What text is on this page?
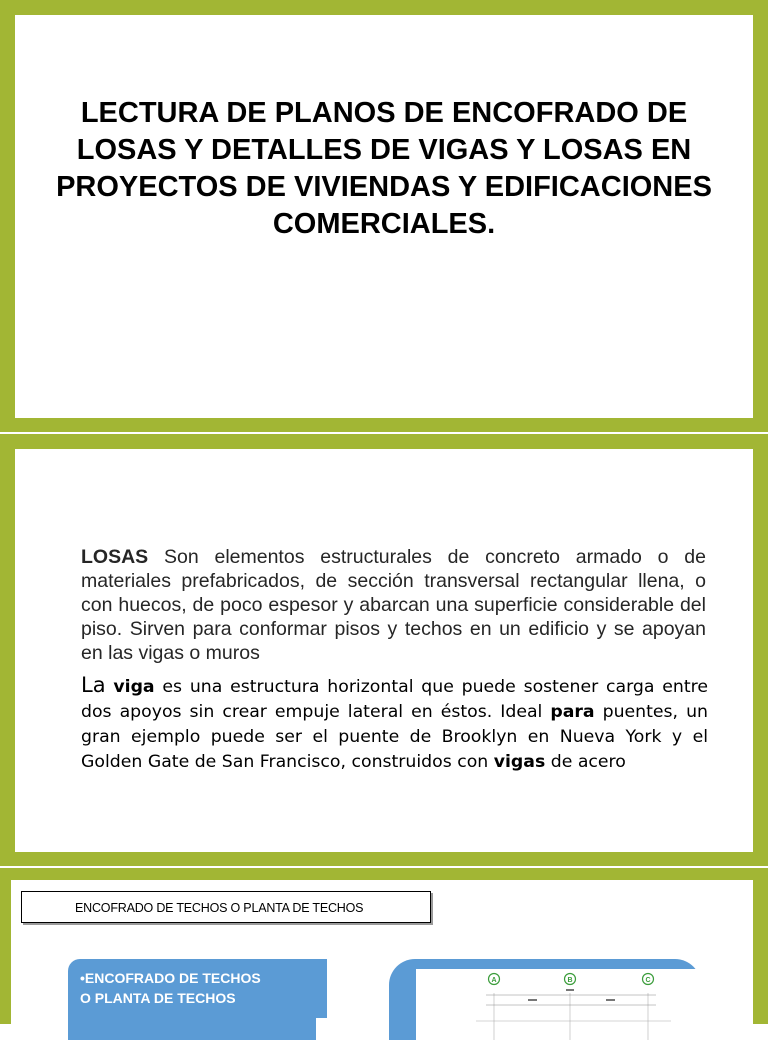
LECTURA DE PLANOS DE ENCOFRADO DE LOSAS Y DETALLES DE VIGAS Y LOSAS EN PROYECTOS DE VIVIENDAS Y EDIFICACIONES COMERCIALES.

LOSAS Son elementos estructurales de concreto armado o de materiales prefabricados, de sección transversal rectangular llena, o con huecos, de poco espesor y abarcan una superficie considerable del piso. Sirven para conformar pisos y techos en un edificio y se apoyan en las vigas o muros

La viga es una estructura horizontal que puede sostener carga entre dos apoyos sin crear empuje lateral en éstos. Ideal para puentes, un gran ejemplo puede ser el puente de Brooklyn en Nueva York y el Golden Gate de San Francisco, construidos con vigas de acero

ENCOFRADO DE TECHOS O PLANTA DE TECHOS

•ENCOFRADO DE TECHOS
O PLANTA DE TECHOS

A	B	C
